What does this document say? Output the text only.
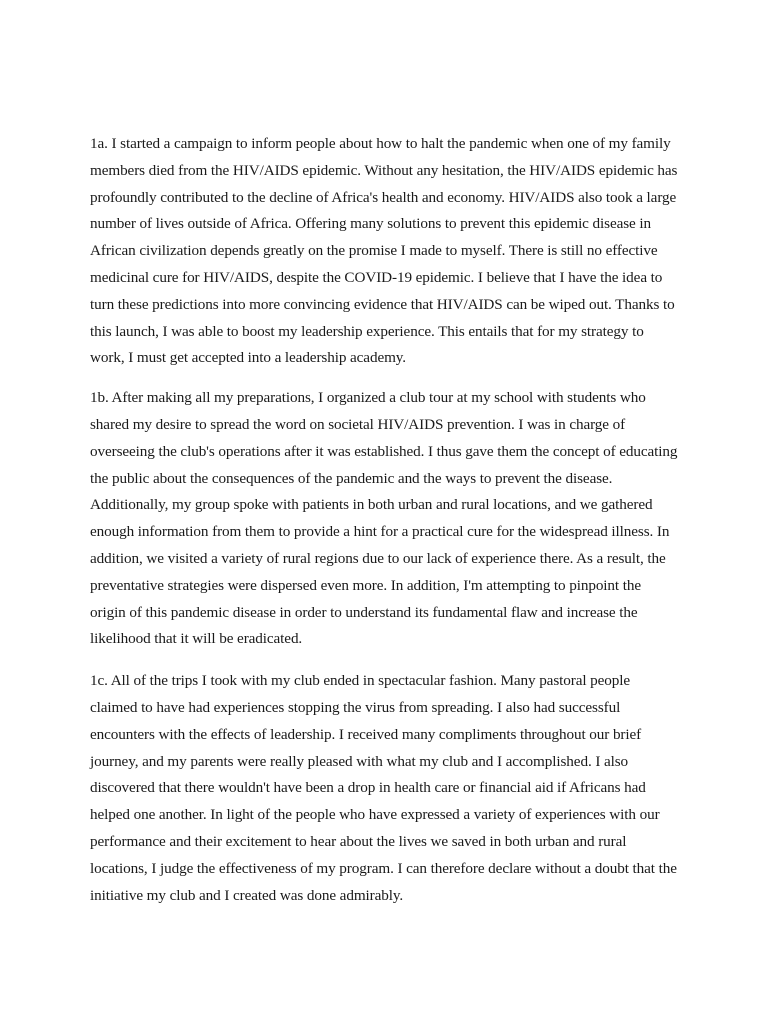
1a. I started a campaign to inform people about how to halt the pandemic when one of my family members died from the HIV/AIDS epidemic. Without any hesitation, the HIV/AIDS epidemic has profoundly contributed to the decline of Africa's health and economy. HIV/AIDS also took a large number of lives outside of Africa. Offering many solutions to prevent this epidemic disease in African civilization depends greatly on the promise I made to myself. There is still no effective medicinal cure for HIV/AIDS, despite the COVID-19 epidemic. I believe that I have the idea to turn these predictions into more convincing evidence that HIV/AIDS can be wiped out. Thanks to this launch, I was able to boost my leadership experience. This entails that for my strategy to work, I must get accepted into a leadership academy.

1b. After making all my preparations, I organized a club tour at my school with students who shared my desire to spread the word on societal HIV/AIDS prevention. I was in charge of overseeing the club's operations after it was established. I thus gave them the concept of educating the public about the consequences of the pandemic and the ways to prevent the disease. Additionally, my group spoke with patients in both urban and rural locations, and we gathered enough information from them to provide a hint for a practical cure for the widespread illness. In addition, we visited a variety of rural regions due to our lack of experience there. As a result, the preventative strategies were dispersed even more. In addition, I'm attempting to pinpoint the origin of this pandemic disease in order to understand its fundamental flaw and increase the likelihood that it will be eradicated.

1c. All of the trips I took with my club ended in spectacular fashion. Many pastoral people claimed to have had experiences stopping the virus from spreading. I also had successful encounters with the effects of leadership. I received many compliments throughout our brief journey, and my parents were really pleased with what my club and I accomplished. I also discovered that there wouldn't have been a drop in health care or financial aid if Africans had helped one another. In light of the people who have expressed a variety of experiences with our performance and their excitement to hear about the lives we saved in both urban and rural locations, I judge the effectiveness of my program. I can therefore declare without a doubt that the initiative my club and I created was done admirably.
